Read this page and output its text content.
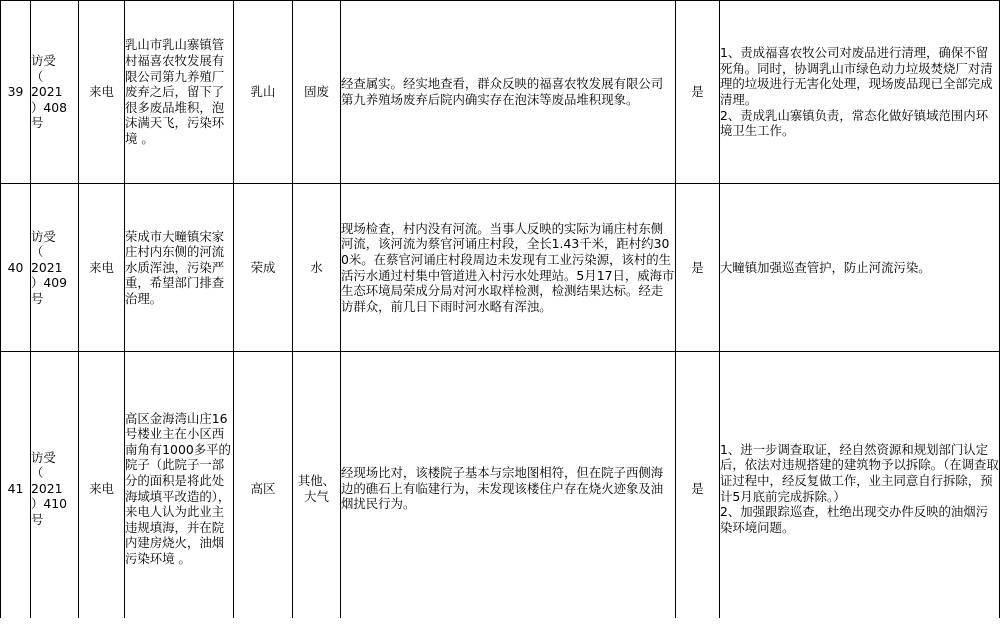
39	访受
（
2021
）408
号	来电	乳山市乳山寨镇管村福喜农牧发展有限公司第九养殖厂废弃之后，留下了很多废品堆积，泡沫满天飞，污染环境 。	乳山	固废	经查属实。经实地查看，群众反映的福喜农牧发展有限公司第九养殖场废弃后院内确实存在泡沫等废品堆积现象。	是	1、责成福喜农牧公司对废品进行清理，确保不留死角。同时，协调乳山市绿色动力垃圾焚烧厂对清理的垃圾进行无害化处理，现场废品现已全部完成清理。
2、责成乳山寨镇负责，常态化做好镇域范围内环境卫生工作。

40	访受
（
2021
）409
号	来电	荣成市大疃镇宋家庄村内东侧的河流水质浑浊，污染严重，希望部门排查治理。	荣成	水	现场检查，村内没有河流。当事人反映的实际为诵庄村东侧河流，该河流为蔡官河诵庄村段，全长1.43千米，距村约300米。在蔡官河诵庄村段周边未发现有工业污染源，该村的生活污水通过村集中管道进入村污水处理站。5月17日，威海市生态环境局荣成分局对河水取样检测，检测结果达标。经走访群众，前几日下雨时河水略有浑浊。	是	大疃镇加强巡查管护，防止河流污染。

41	访受
（
2021
）410
号	来电	高区金海湾山庄16号楼业主在小区西南角有1000多平的院子（此院子一部分的面积是将此处海域填平改造的），来电人认为此业主违规填海，并在院内建房烧火，油烟污染环境 。	高区	其他、大气	经现场比对，该楼院子基本与宗地图相符，但在院子西侧海边的礁石上有临建行为，未发现该楼住户存在烧火迹象及油烟扰民行为。	是	1、进一步调查取证，经自然资源和规划部门认定后，依法对违规搭建的建筑物予以拆除。（在调查取证过程中，经反复做工作，业主同意自行拆除，预计5月底前完成拆除。）
2、加强跟踪巡查，杜绝出现交办件反映的油烟污染环境问题。
